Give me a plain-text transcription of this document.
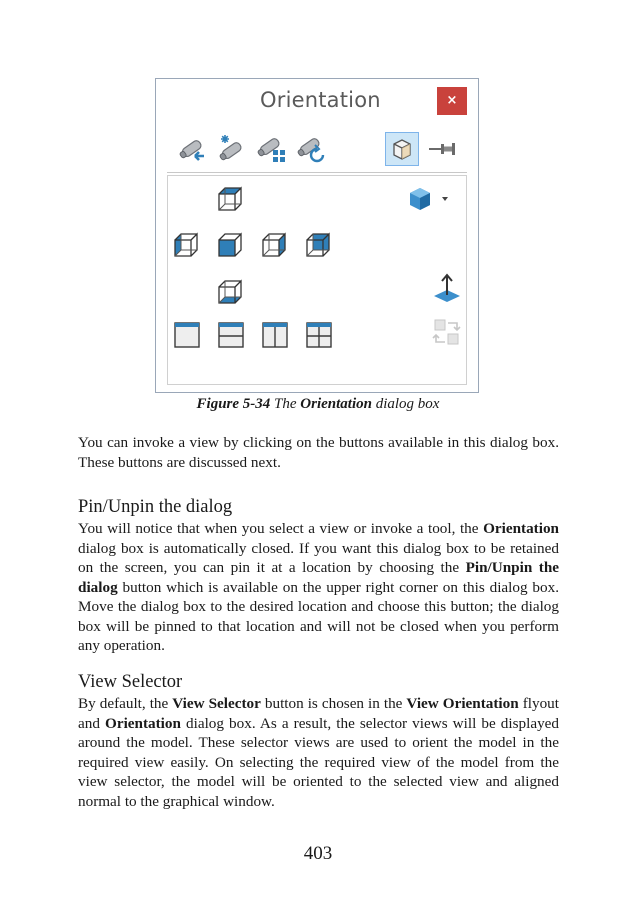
Orientation	×
Figure 5-34 The Orientation dialog box

You can invoke a view by clicking on the buttons available in this dialog box. These buttons are discussed next.

Pin/Unpin the dialog

You will notice that when you select a view or invoke a tool, the Orientation dialog box is automatically closed. If you want this dialog box to be retained on the screen, you can pin it at a location by choosing the Pin/Unpin the dialog button which is available on the upper right corner on this dialog box. Move the dialog box to the desired location and choose this button; the dialog box will be pinned to that location and will not be closed when you perform any operation.

View Selector

By default, the View Selector button is chosen in the View Orientation flyout and Orientation dialog box. As a result, the selector views will be displayed around the model. These selector views are used to orient the model in the required view easily. On selecting the required view of the model from the view selector, the model will be oriented to the selected view and aligned normal to the graphical window.

403
